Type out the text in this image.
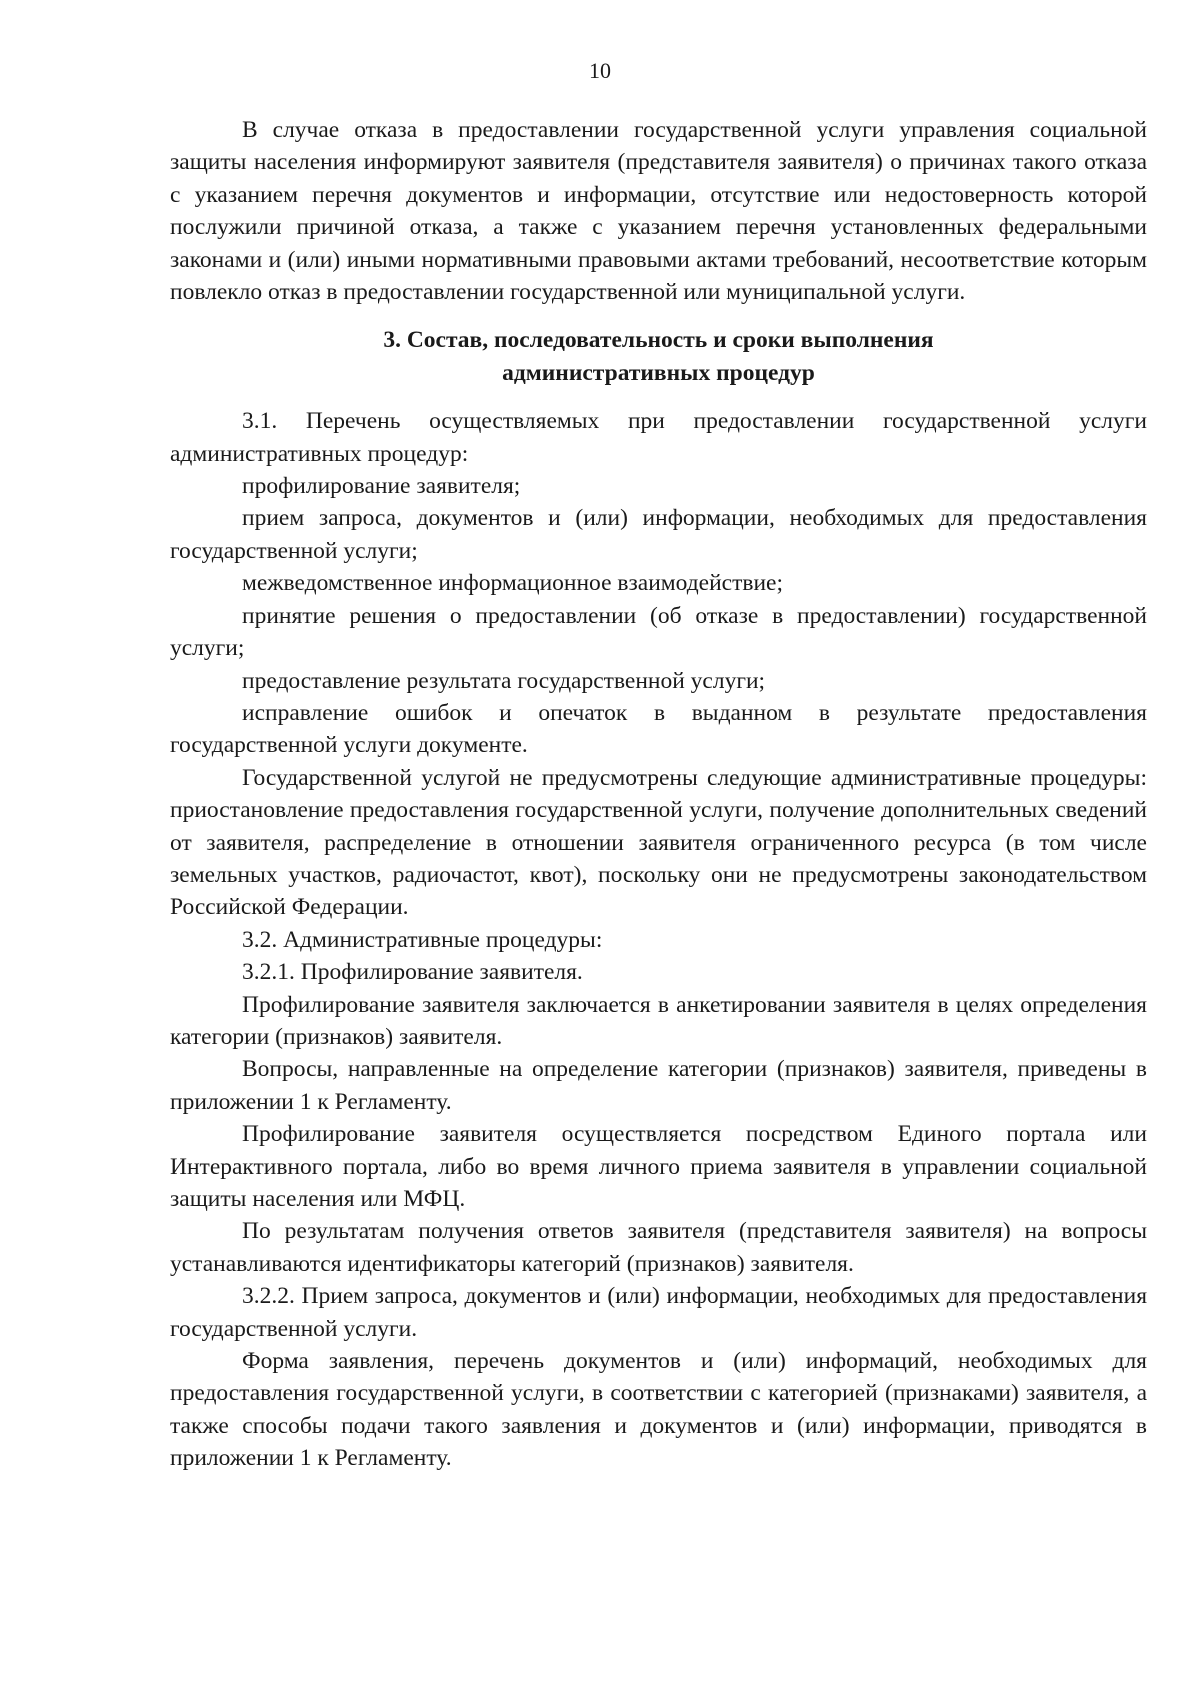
10

В случае отказа в предоставлении государственной услуги управления социальной защиты населения информируют заявителя (представителя заявителя) о причинах такого отказа с указанием перечня документов и информации, отсутствие или недостоверность которой послужили причиной отказа, а также с указанием перечня установленных федеральными законами и (или) иными нормативными правовыми актами требований, несоответствие которым повлекло отказ в предоставлении государственной или муниципальной услуги.

3. Состав, последовательность и сроки выполнения
административных процедур

3.1. Перечень осуществляемых при предоставлении государственной услуги административных процедур:

профилирование заявителя;

прием запроса, документов и (или) информации, необходимых для предоставления государственной услуги;

межведомственное информационное взаимодействие;

принятие решения о предоставлении (об отказе в предоставлении) государственной услуги;

предоставление результата государственной услуги;

исправление ошибок и опечаток в выданном в результате предоставления государственной услуги документе.

Государственной услугой не предусмотрены следующие административные процедуры: приостановление предоставления государственной услуги, получение дополнительных сведений от заявителя, распределение в отношении заявителя ограниченного ресурса (в том числе земельных участков, радиочастот, квот), поскольку они не предусмотрены законодательством Российской Федерации.

3.2. Административные процедуры:

3.2.1. Профилирование заявителя.

Профилирование заявителя заключается в анкетировании заявителя в целях определения категории (признаков) заявителя.

Вопросы, направленные на определение категории (признаков) заявителя, приведены в приложении 1 к Регламенту.

Профилирование заявителя осуществляется посредством Единого портала или Интерактивного портала, либо во время личного приема заявителя в управлении социальной защиты населения или МФЦ.

По результатам получения ответов заявителя (представителя заявителя) на вопросы устанавливаются идентификаторы категорий (признаков) заявителя.

3.2.2. Прием запроса, документов и (или) информации, необходимых для предоставления государственной услуги.

Форма заявления, перечень документов и (или) информаций, необходимых для предоставления государственной услуги, в соответствии с категорией (признаками) заявителя, а также способы подачи такого заявления и документов и (или) информации, приводятся в приложении 1 к Регламенту.
